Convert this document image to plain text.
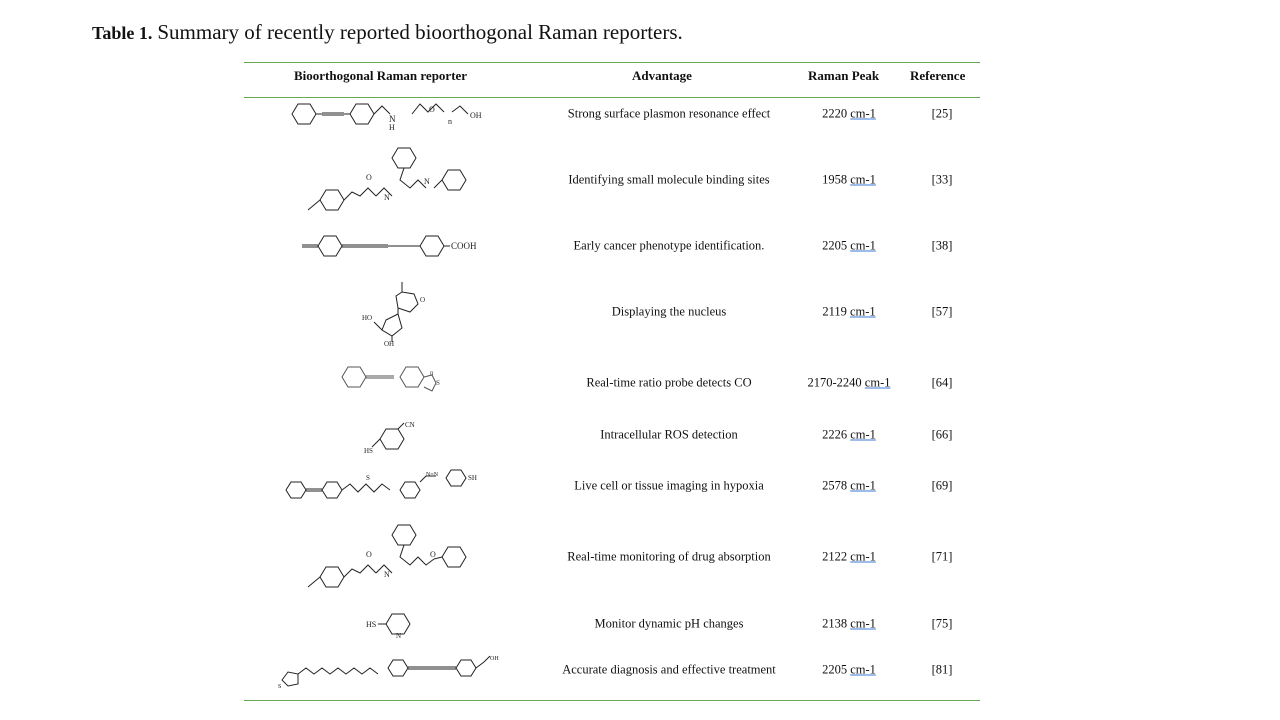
Table 1. Summary of recently reported bioorthogonal Raman reporters.
Bioorthogonal Raman reporter	Advantage	Raman Peak Reference
N
H
O
n
OH	Strong surface plasmon resonance effect	2220 cm-1	[25]
O
N
N	Identifying small molecule binding sites	1958 cm-1	[33]
COOH	Early cancer phenotype identification.	2205 cm-1	[38]
HO
OH
O
Displaying the nucleus	2119 cm-1	[57]
n
S	Real-time ratio probe detects CO	2170-2240 cm-1	[64]
CN
HS
Intracellular ROS detection	2226 cm-1	[66]
S	N=N	SH
Live cell or tissue imaging in hypoxia	2578 cm-1	[69]
O
N
O	Real-time monitoring of drug absorption	2122 cm-1	[71]
HS
N
Monitor dynamic pH changes	2138 cm-1	[75]
S
OH
Accurate diagnosis and effective treatment	2205 cm-1	[81]
